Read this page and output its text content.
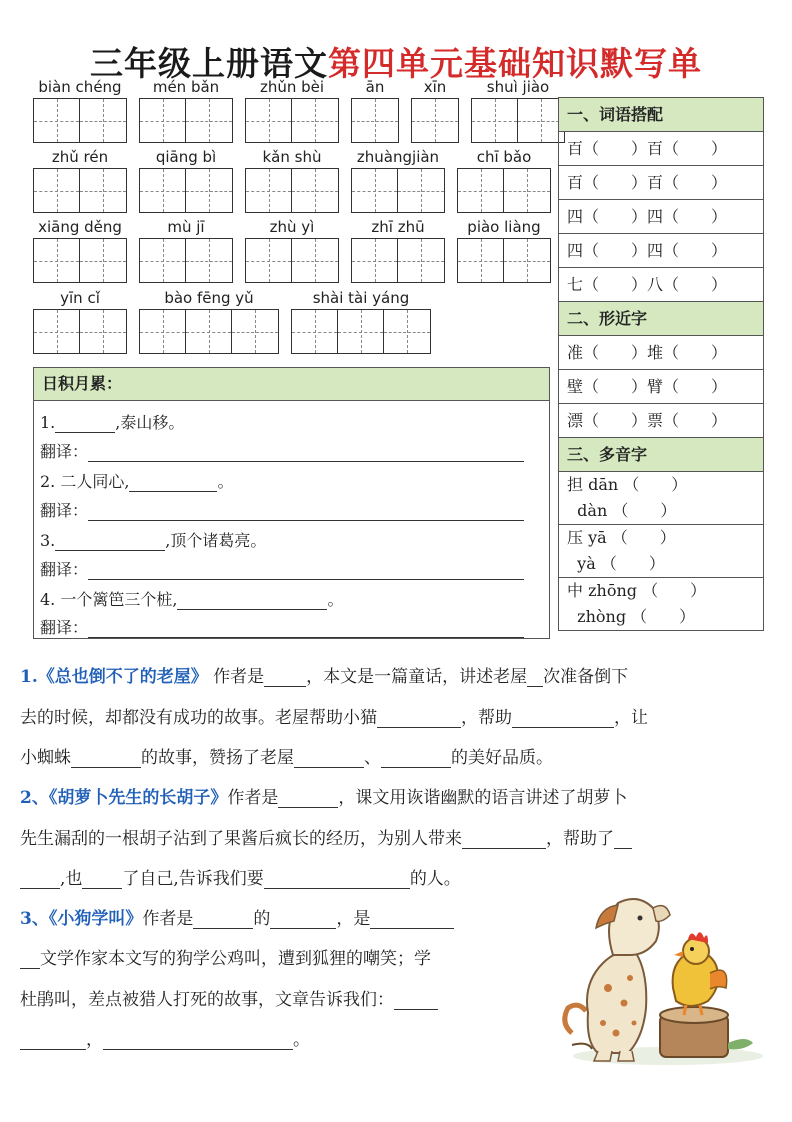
三年级上册语文第四单元基础知识默写单
biàn chéng	mén bǎn	zhǔn bèi	ān	xīn	shuì jiào
zhǔ rén	qiāng bì	kǎn shù	zhuàngjiàn	chī bǎo
xiāng děng	mù jī	zhù yì	zhī zhū	piào liàng
yīn cǐ	bào fēng yǔ	shài tài yáng
一、词语搭配
百（　　）百（　　）
百（　　）百（　　）
四（　　）四（　　）
四（　　）四（　　）
七（　　）八（　　）
二、形近字
准（　　）堆（　　）
壁（　　）臂（　　）
漂（　　）票（　　）
三、多音字
担 dān （　　）
dàn （　　）
压 yā （　　）
yà （　　）
中 zhōng （　　）
zhòng （　　）
日积月累：
1.	,泰山移。
翻译：
2. 二人同心,	。
翻译：
3.	,顶个诸葛亮。
翻译：
4. 一个篱笆三个桩,	。
翻译：
1.《总也倒不了的老屋》 作者是 ，本文是一篇童话，讲述老屋 次准备倒下
去的时候，却都没有成功的故事。老屋帮助小猫	，帮助	，让
小蜘蛛	的故事，赞扬了老屋	、	的美好品质。
2、《胡萝卜先生的长胡子》作者是	，课文用诙谐幽默的语言讲述了胡萝卜
先生漏刮的一根胡子沾到了果酱后疯长的经历，为别人带来	，帮助了
,也 了自己,告诉我们要	的人。
3、《小狗学叫》作者是	的	，是
文学作家本文写的狗学公鸡叫，遭到狐狸的嘲笑；学
杜鹃叫，差点被猎人打死的故事，文章告诉我们：
，	。
